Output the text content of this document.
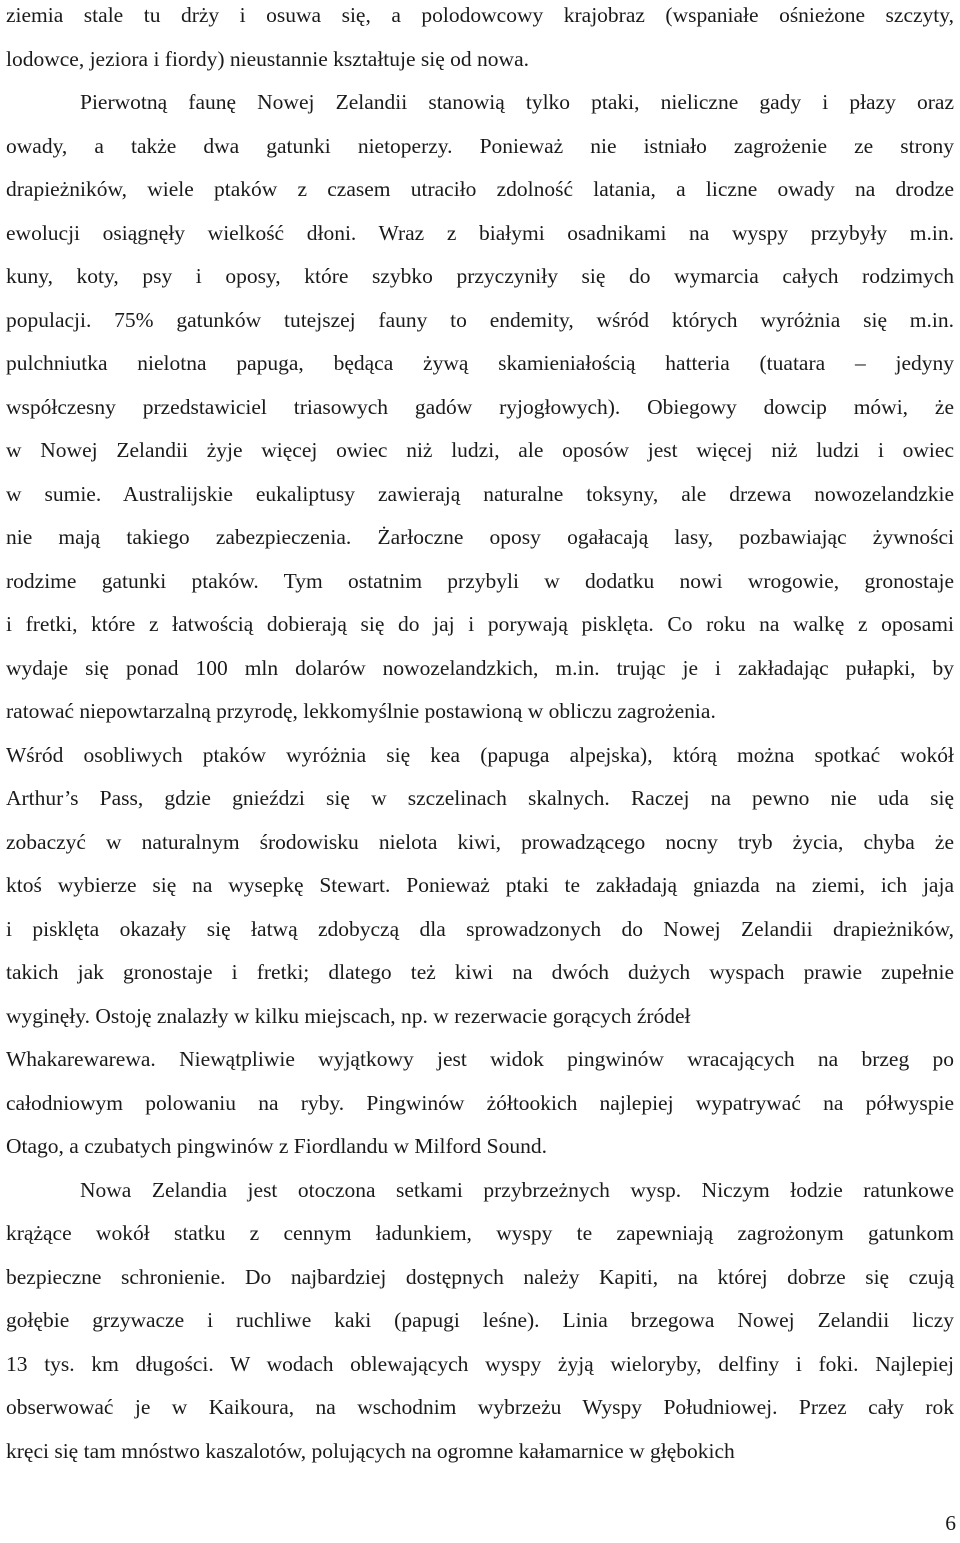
ziemia stale tu drży i osuwa się, a polodowcowy krajobraz (wspaniałe ośnieżone szczyty,
lodowce, jeziora i fiordy) nieustannie kształtuje się od nowa.
Pierwotną faunę Nowej Zelandii stanowią tylko ptaki, nieliczne gady i płazy oraz
owady, a także dwa gatunki nietoperzy. Ponieważ nie istniało zagrożenie ze strony
drapieżników, wiele ptaków z czasem utraciło zdolność latania, a liczne owady na drodze
ewolucji osiągnęły wielkość dłoni. Wraz z białymi osadnikami na wyspy przybyły m.in.
kuny, koty, psy i oposy, które szybko przyczyniły się do wymarcia całych rodzimych
populacji. 75% gatunków tutejszej fauny to endemity, wśród których wyróżnia się m.in.
pulchniutka nielotna papuga, będąca żywą skamieniałością hatteria (tuatara – jedyny
współczesny przedstawiciel triasowych gadów ryjogłowych). Obiegowy dowcip mówi, że
w Nowej Zelandii żyje więcej owiec niż ludzi, ale oposów jest więcej niż ludzi i owiec
w sumie. Australijskie eukaliptusy zawierają naturalne toksyny, ale drzewa nowozelandzkie
nie mają takiego zabezpieczenia. Żarłoczne oposy ogałacają lasy, pozbawiając żywności
rodzime gatunki ptaków. Tym ostatnim przybyli w dodatku nowi wrogowie, gronostaje
i fretki, które z łatwością dobierają się do jaj i porywają pisklęta. Co roku na walkę z oposami
wydaje się ponad 100 mln dolarów nowozelandzkich, m.in. trując je i zakładając pułapki, by
ratować niepowtarzalną przyrodę, lekkomyślnie postawioną w obliczu zagrożenia.
Wśród osobliwych ptaków wyróżnia się kea (papuga alpejska), którą można spotkać wokół
Arthur’s Pass, gdzie gnieździ się w szczelinach skalnych. Raczej na pewno nie uda się
zobaczyć w naturalnym środowisku nielota kiwi, prowadzącego nocny tryb życia, chyba że
ktoś wybierze się na wysepkę Stewart. Ponieważ ptaki te zakładają gniazda na ziemi, ich jaja
i pisklęta okazały się łatwą zdobyczą dla sprowadzonych do Nowej Zelandii drapieżników,
takich jak gronostaje i fretki; dlatego też kiwi na dwóch dużych wyspach prawie zupełnie
wyginęły. Ostoję znalazły w kilku miejscach, np. w rezerwacie gorących źródeł
Whakarewarewa. Niewątpliwie wyjątkowy jest widok pingwinów wracających na brzeg po
całodniowym polowaniu na ryby. Pingwinów żółtookich najlepiej wypatrywać na półwyspie
Otago, a czubatych pingwinów z Fiordlandu w Milford Sound.
Nowa Zelandia jest otoczona setkami przybrzeżnych wysp. Niczym łodzie ratunkowe
krążące wokół statku z cennym ładunkiem, wyspy te zapewniają zagrożonym gatunkom
bezpieczne schronienie. Do najbardziej dostępnych należy Kapiti, na której dobrze się czują
gołębie grzywacze i ruchliwe kaki (papugi leśne). Linia brzegowa Nowej Zelandii liczy
13 tys. km długości. W wodach oblewających wyspy żyją wieloryby, delfiny i foki. Najlepiej
obserwować je w Kaikoura, na wschodnim wybrzeżu Wyspy Południowej. Przez cały rok
kręci się tam mnóstwo kaszalotów, polujących na ogromne kałamarnice w głębokich
6
